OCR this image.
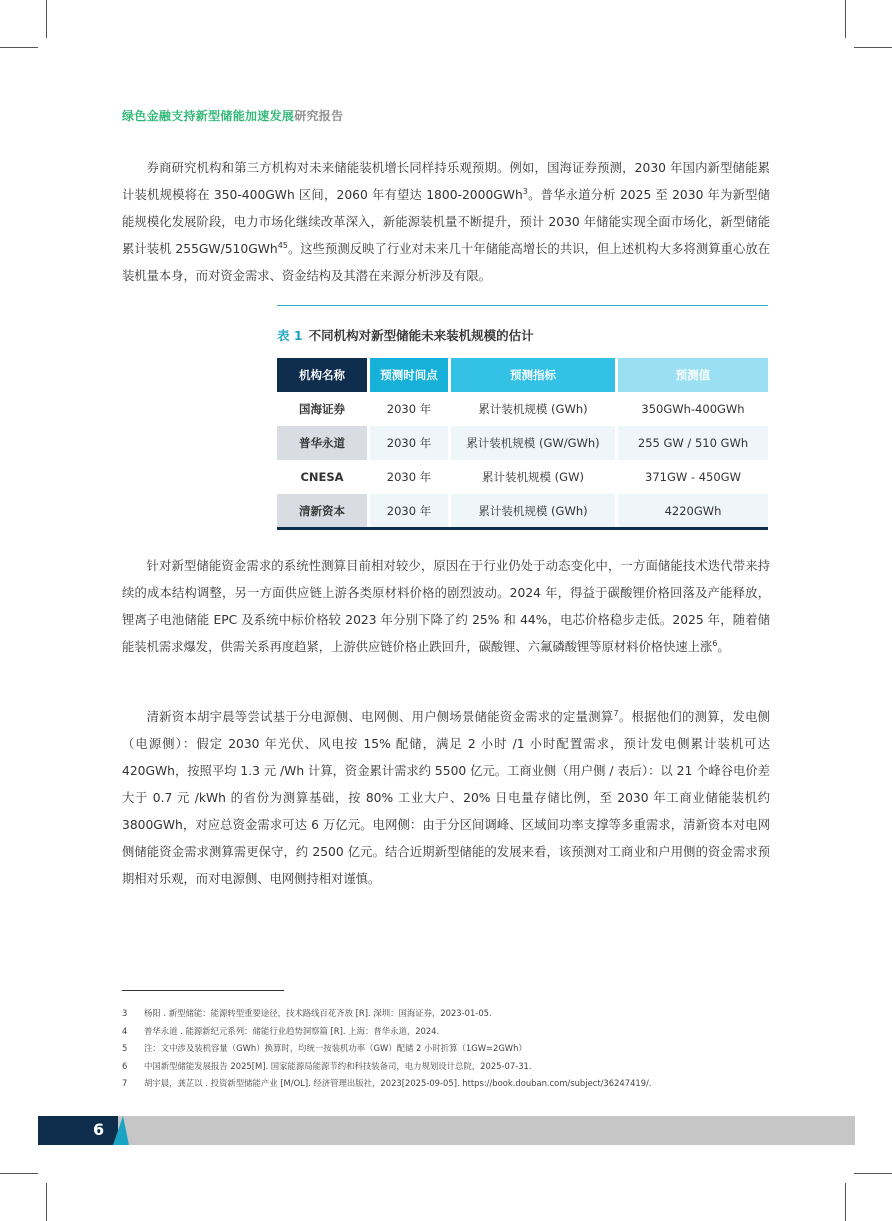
绿色金融支持新型储能加速发展研究报告

券商研究机构和第三方机构对未来储能装机增长同样持乐观预期。例如，国海证券预测，2030 年国内新型储能累计装机规模将在 350-400GWh 区间，2060 年有望达 1800-2000GWh$^3$。普华永道分析 2025 至 2030 年为新型储能规模化发展阶段，电力市场化继续改革深入，新能源装机量不断提升，预计 2030 年储能实现全面市场化，新型储能累计装机 255GW/510GWh$^{45}$。这些预测反映了行业对未来几十年储能高增长的共识，但上述机构大多将测算重心放在装机量本身，而对资金需求、资金结构及其潜在来源分析涉及有限。

表 1 不同机构对新型储能未来装机规模的估计
机构名称	预测时间点	预测指标	预测值
国海证券	2030 年	累计装机规模 (GWh)	350GWh-400GWh
普华永道	2030 年	累计装机规模 (GW/GWh)	255 GW / 510 GWh
CNESA	2030 年	累计装机规模 (GW)	371GW - 450GW
清新资本	2030 年	累计装机规模 (GWh)	4220GWh

针对新型储能资金需求的系统性测算目前相对较少，原因在于行业仍处于动态变化中，一方面储能技术迭代带来持续的成本结构调整，另一方面供应链上游各类原材料价格的剧烈波动。2024 年，得益于碳酸锂价格回落及产能释放，锂离子电池储能 EPC 及系统中标价格较 2023 年分别下降了约 25% 和 44%，电芯价格稳步走低。2025 年，随着储能装机需求爆发，供需关系再度趋紧，上游供应链价格止跌回升，碳酸锂、六氟磷酸锂等原材料价格快速上涨$^6$。

清新资本胡宇晨等尝试基于分电源侧、电网侧、用户侧场景储能资金需求的定量测算$^7$。根据他们的测算，发电侧（电源侧）：假定 2030 年光伏、风电按 15% 配储，满足 2 小时 /1 小时配置需求，预计发电侧累计装机可达 420GWh，按照平均 1.3 元 /Wh 计算，资金累计需求约 5500 亿元。工商业侧（用户侧 / 表后）：以 21 个峰谷电价差大于 0.7 元 /kWh 的省份为测算基础，按 80% 工业大户、20% 日电量存储比例，至 2030 年工商业储能装机约 3800GWh，对应总资金需求可达 6 万亿元。电网侧：由于分区间调峰、区域间功率支撑等多重需求，清新资本对电网侧储能资金需求测算需更保守，约 2500 亿元。结合近期新型储能的发展来看，该预测对工商业和户用侧的资金需求预期相对乐观，而对电源侧、电网侧持相对谨慎。

3 杨阳 . 新型储能：能源转型重要途径，技术路线百花齐放 [R]. 深圳：国海证券，2023-01-05.
4 普华永道 . 能源新纪元系列：储能行业趋势洞察篇 [R]. 上海：普华永道，2024.
5 注：文中涉及装机容量（GWh）换算时，均统一按装机功率（GW）配储 2 小时折算（1GW=2GWh）
6 中国新型储能发展报告 2025[M]. 国家能源局能源节约和科技装备司，电力规划设计总院，2025-07-31.
7 胡宇晨，龚芷以 . 投资新型储能产业 [M/OL]. 经济管理出版社，2023[2025-09-05]. https://book.douban.com/subject/36247419/.
6
